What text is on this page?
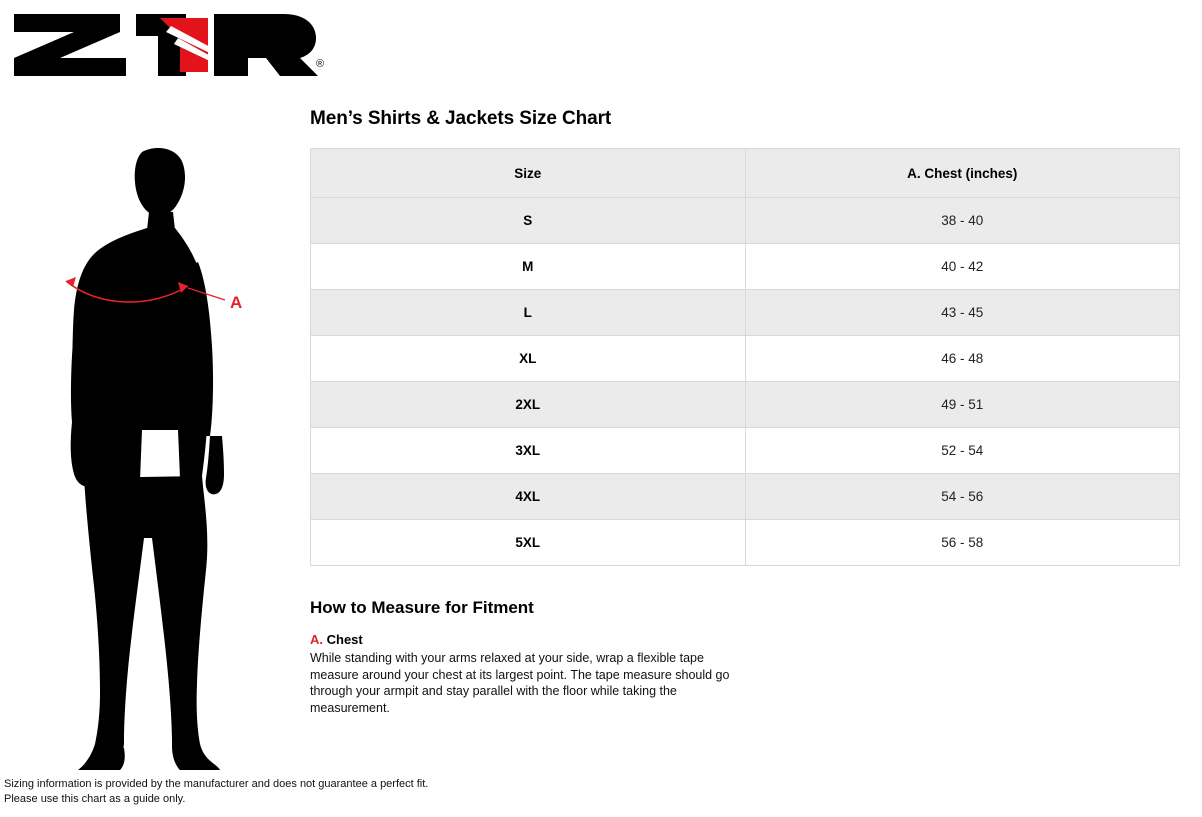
®
A
Men’s Shirts & Jackets Size Chart
Size	A. Chest (inches)
S	38 - 40
M	40 - 42
L	43 - 45
XL	46 - 48
2XL	49 - 51
3XL	52 - 54
4XL	54 - 56
5XL	56 - 58
How to Measure for Fitment
A. Chest
While standing with your arms relaxed at your side, wrap a flexible tape measure around your chest at its largest point. The tape measure should go through your armpit and stay parallel with the floor while taking the measurement.
Sizing information is provided by the manufacturer and does not guarantee a perfect fit.
Please use this chart as a guide only.
